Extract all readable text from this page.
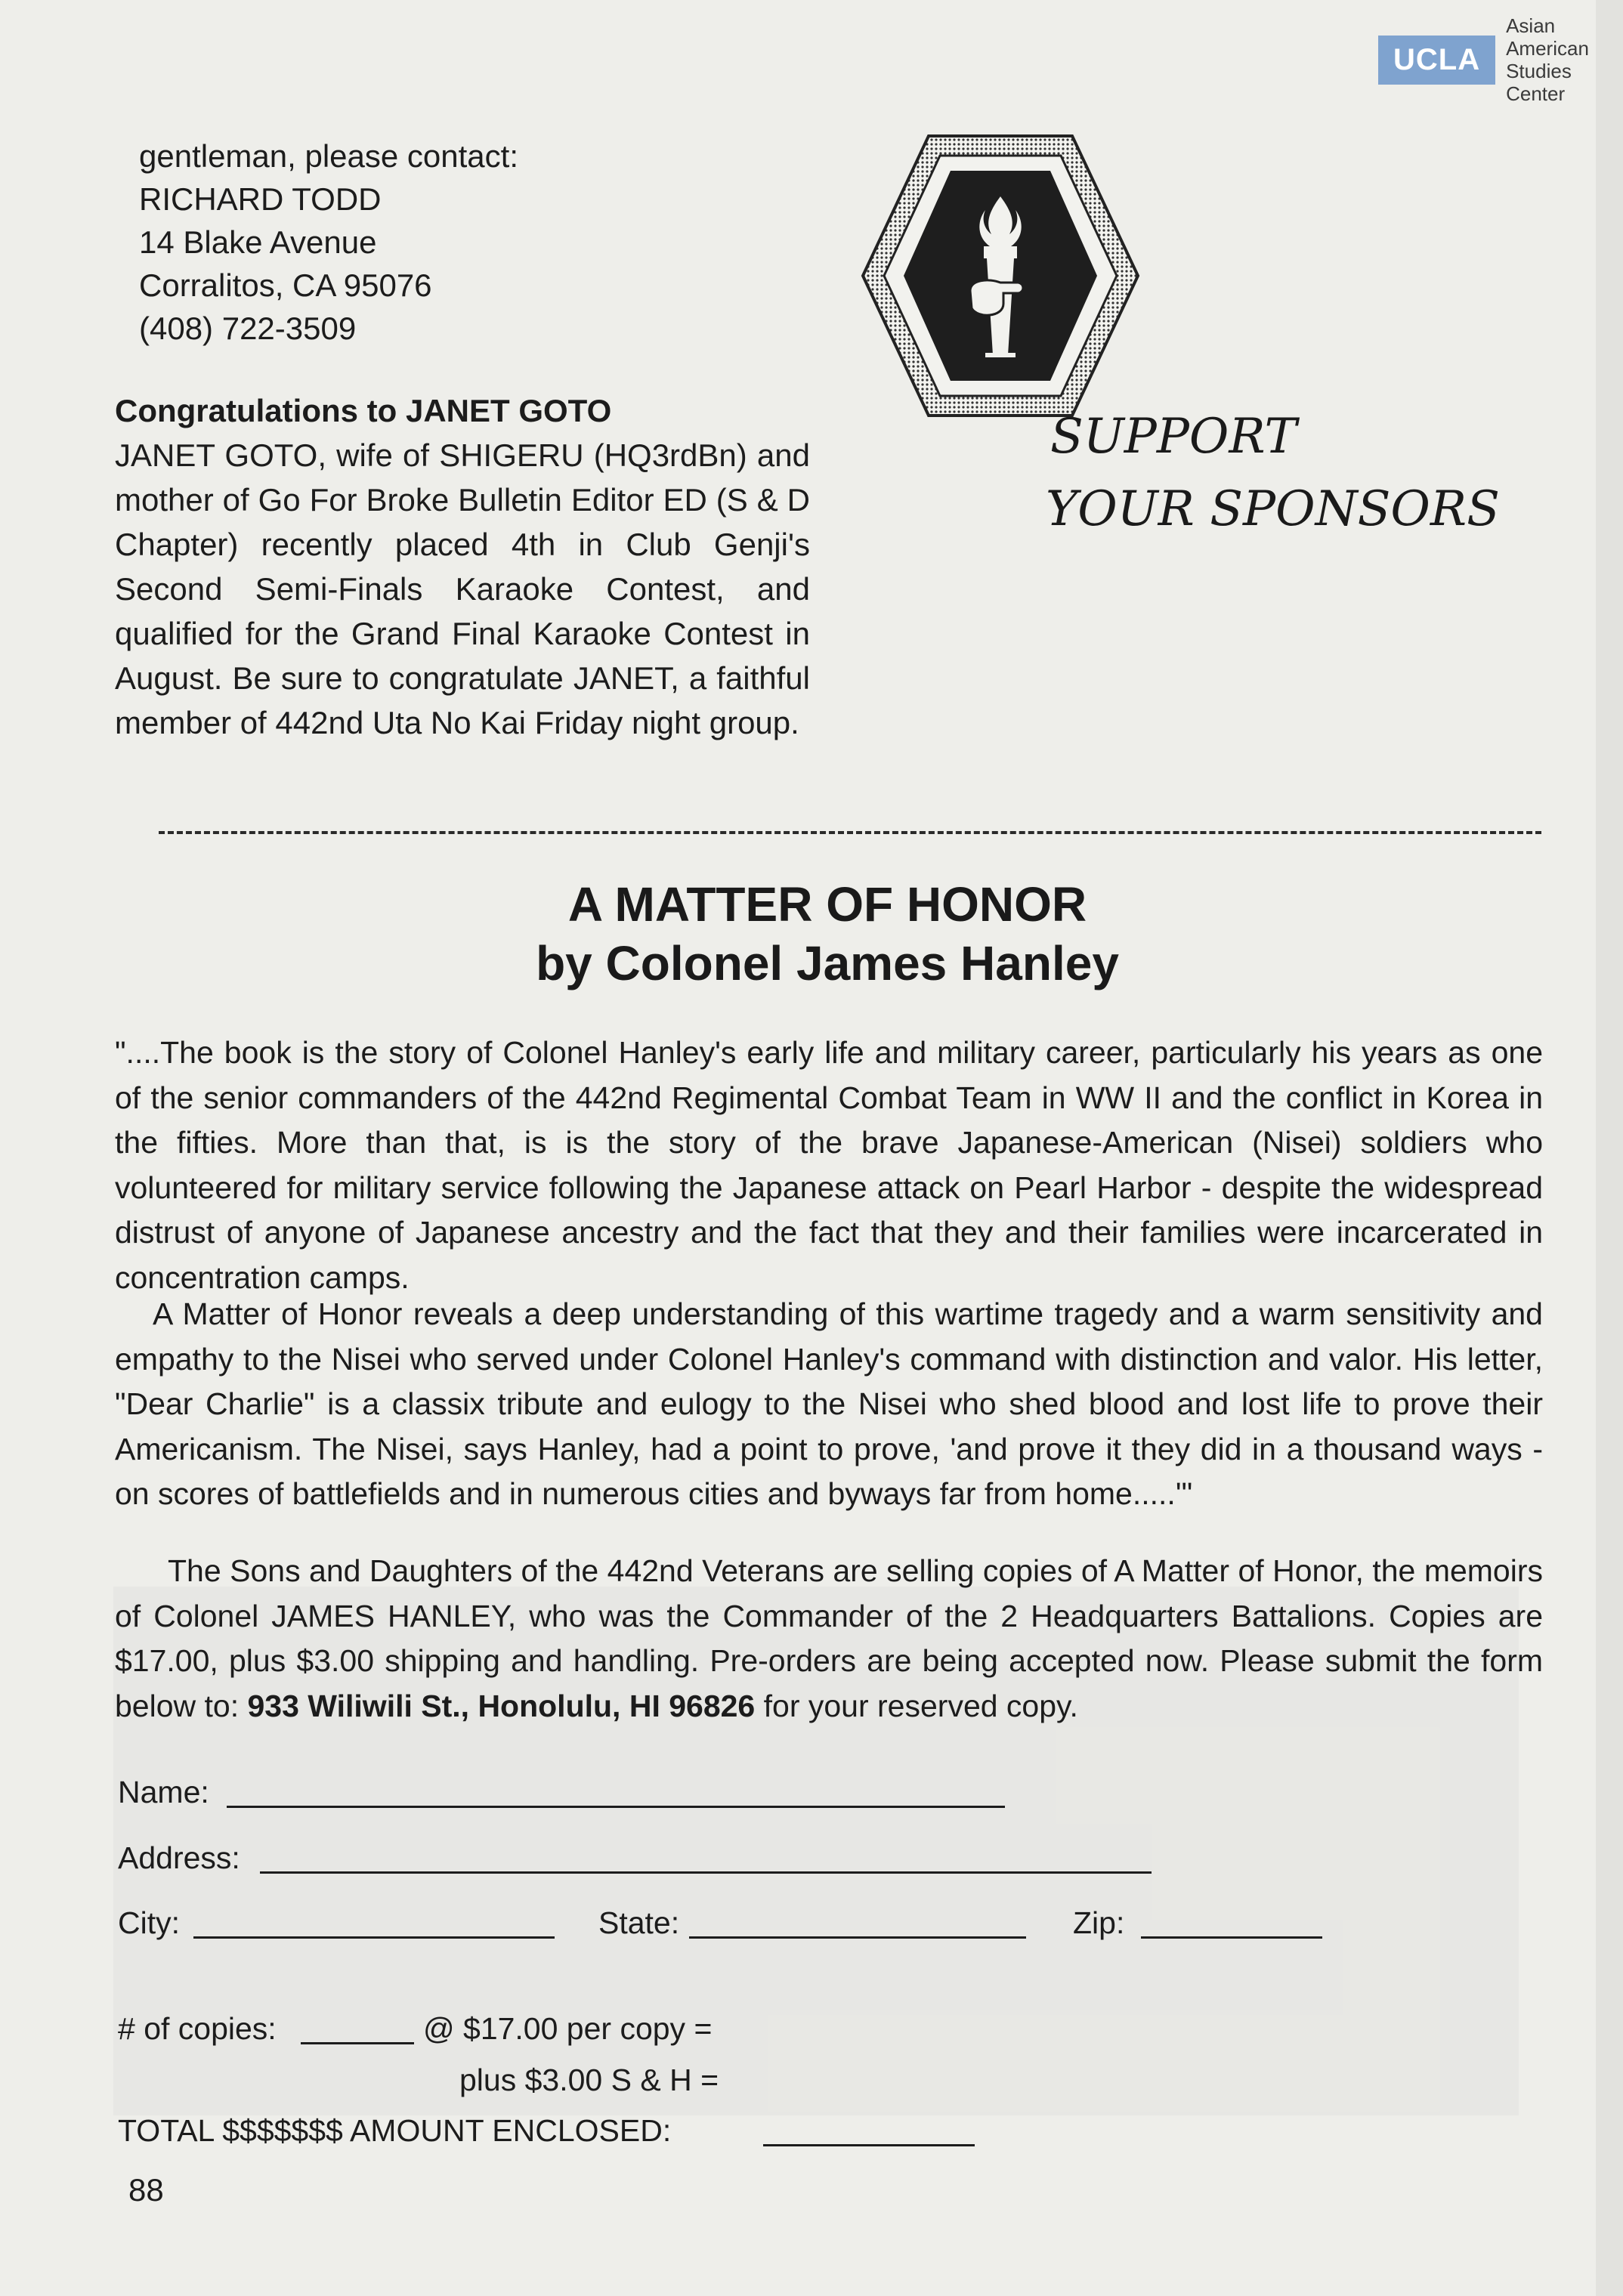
UCLA
Asian American
Studies Center
gentleman, please contact:
RICHARD TODD
14 Blake Avenue
Corralitos, CA 95076
(408) 722-3509
Congratulations to JANET GOTO

JANET GOTO, wife of SHIGERU (HQ3rdBn) and mother of Go For Broke Bulletin Editor ED (S & D Chapter) recently placed 4th in Club Genji's Second Semi-Finals Karaoke Contest, and qualified for the Grand Final Karaoke Contest in August. Be sure to congratulate JANET, a faithful member of 442nd Uta No Kai Friday night group.

SUPPORT
YOUR SPONSORS
A MATTER OF HONOR
by Colonel James Hanley

"....The book is the story of Colonel Hanley's early life and military career, particularly his years as one of the senior commanders of the 442nd Regimental Combat Team in WW II and the conflict in Korea in the fifties. More than that, is is the story of the brave Japanese-American (Nisei) soldiers who volunteered for military service following the Japanese attack on Pearl Harbor - despite the widespread distrust of anyone of Japanese ancestry and the fact that they and their families were incarcerated in concentration camps.

A Matter of Honor reveals a deep understanding of this wartime tragedy and a warm sensitivity and empathy to the Nisei who served under Colonel Hanley's command with distinction and valor. His letter, "Dear Charlie" is a classix tribute and eulogy to the Nisei who shed blood and lost life to prove their Americanism. The Nisei, says Hanley, had a point to prove, 'and prove it they did in a thousand ways - on scores of battlefields and in numerous cities and byways far from home.....'"

The Sons and Daughters of the 442nd Veterans are selling copies of A Matter of Honor, the memoirs of Colonel JAMES HANLEY, who was the Commander of the 2 Headquarters Battalions. Copies are $17.00, plus $3.00 shipping and handling. Pre-orders are being accepted now. Please submit the form below to: 933 Wiliwili St., Honolulu, HI 96826 for your reserved copy.

Name:
Address:
City:	State:	Zip:
# of copies:	@ $17.00 per copy =
plus $3.00 S & H =
TOTAL $$$$$$$ AMOUNT ENCLOSED:
88
